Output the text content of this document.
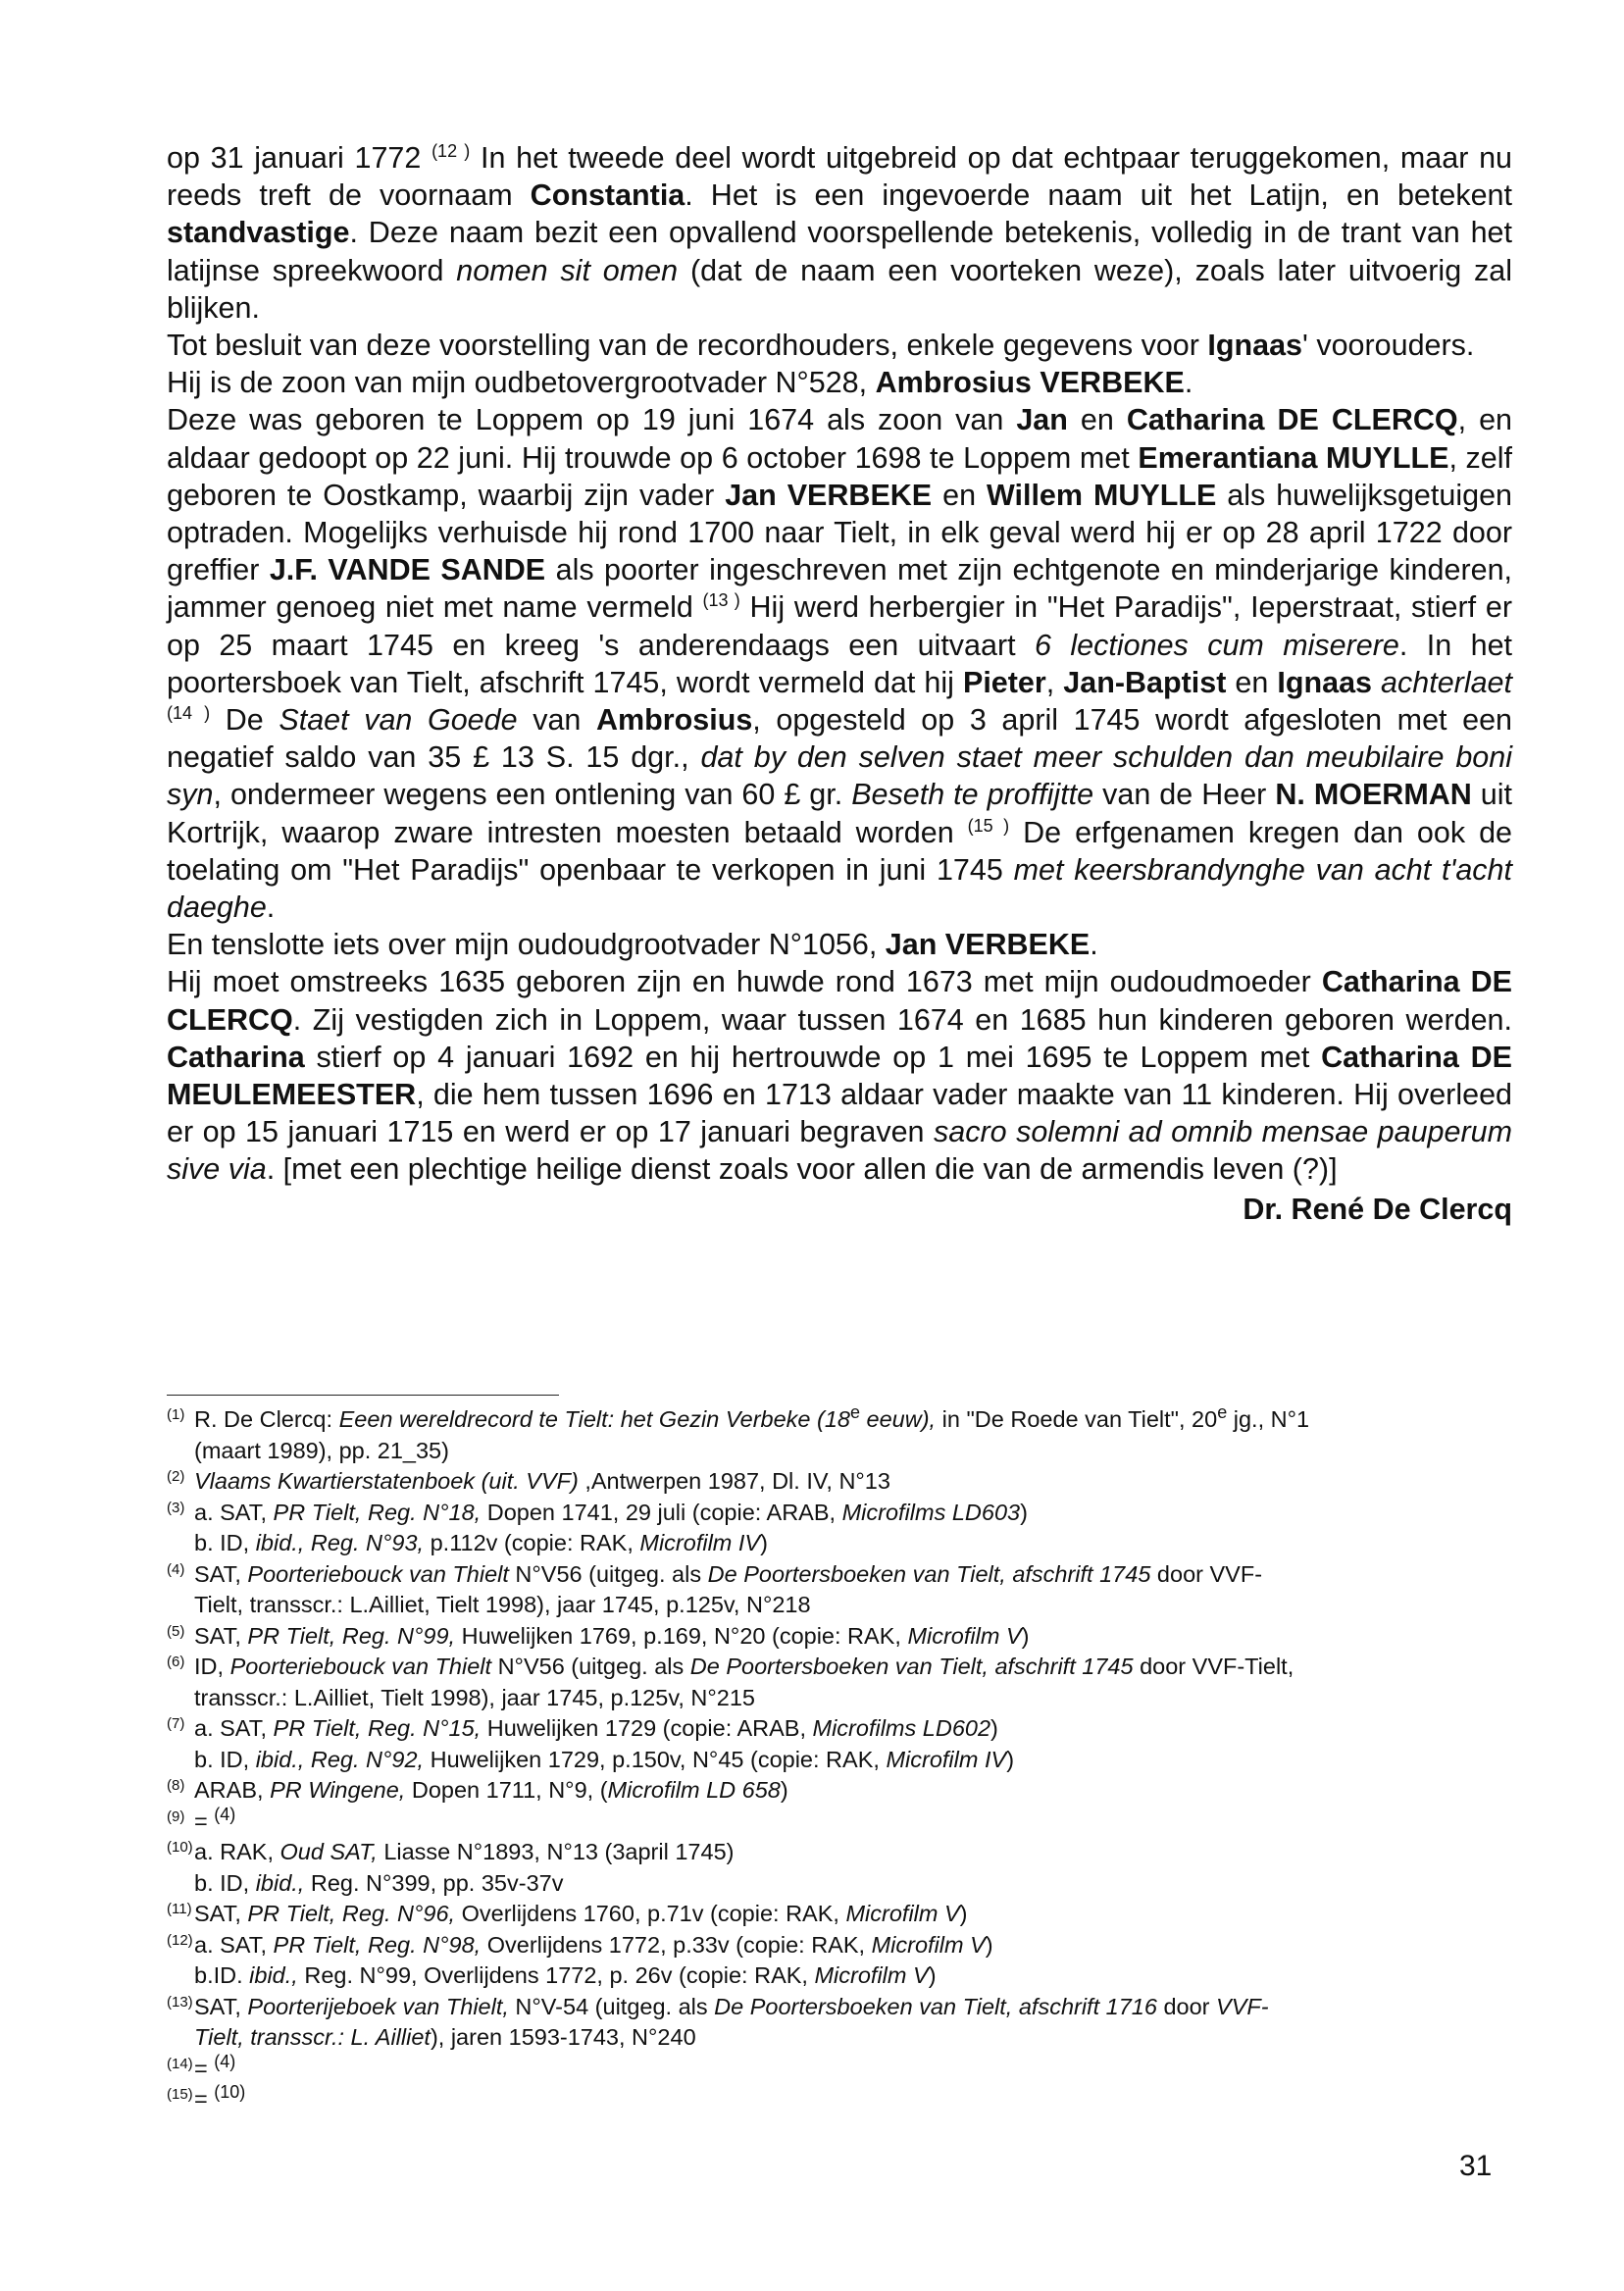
op 31 januari 1772 $^{(12 )}$ In het tweede deel wordt uitgebreid op dat echtpaar teruggekomen, maar nu reeds treft de voornaam Constantia. Het is een ingevoerde naam uit het Latijn, en betekent standvastige. Deze naam bezit een opvallend voorspellende betekenis, volledig in de trant van het latijnse spreekwoord nomen sit omen (dat de naam een voorteken weze), zoals later uitvoerig zal blijken.

Tot besluit van deze voorstelling van de recordhouders, enkele gegevens voor Ignaas' voorouders.

Hij is de zoon van mijn oudbetovergrootvader N°528, Ambrosius VERBEKE.

Deze was geboren te Loppem op 19 juni 1674 als zoon van Jan en Catharina DE CLERCQ, en aldaar gedoopt op 22 juni. Hij trouwde op 6 october 1698 te Loppem met Emerantiana MUYLLE, zelf geboren te Oostkamp, waarbij zijn vader Jan VERBEKE en Willem MUYLLE als huwelijksgetuigen optraden. Mogelijks verhuisde hij rond 1700 naar Tielt, in elk geval werd hij er op 28 april 1722 door greffier J.F. VANDE SANDE als poorter ingeschreven met zijn echtgenote en minderjarige kinderen, jammer genoeg niet met name vermeld $^{(13 )}$ Hij werd herbergier in "Het Paradijs", Ieperstraat, stierf er op 25 maart 1745 en kreeg 's anderendaags een uitvaart 6 lectiones cum miserere. In het poortersboek van Tielt, afschrift 1745, wordt vermeld dat hij Pieter, Jan-Baptist en Ignaas achterlaet $^{(14 )}$ De Staet van Goede van Ambrosius, opgesteld op 3 april 1745 wordt afgesloten met een negatief saldo van 35 £ 13 S. 15 dgr., dat by den selven staet meer schulden dan meubilaire boni syn, ondermeer wegens een ontlening van 60 £ gr. Beseth te proffijtte van de Heer N. MOERMAN uit Kortrijk, waarop zware intresten moesten betaald worden $^{(15 )}$ De erfgenamen kregen dan ook de toelating om "Het Paradijs" openbaar te verkopen in juni 1745 met keersbrandynghe van acht t'acht daeghe.

En tenslotte iets over mijn oudoudgrootvader N°1056, Jan VERBEKE.

Hij moet omstreeks 1635 geboren zijn en huwde rond 1673 met mijn oudoudmoeder Catharina DE CLERCQ. Zij vestigden zich in Loppem, waar tussen 1674 en 1685 hun kinderen geboren werden. Catharina stierf op 4 januari 1692 en hij hertrouwde op 1 mei 1695 te Loppem met Catharina DE MEULEMEESTER, die hem tussen 1696 en 1713 aldaar vader maakte van 11 kinderen. Hij overleed er op 15 januari 1715 en werd er op 17 januari begraven sacro solemni ad omnib mensae pauperum sive via. [met een plechtige heilige dienst zoals voor allen die van de armendis leven (?)]

Dr. René De Clercq
(1) R. De Clercq: Eeen wereldrecord te Tielt: het Gezin Verbeke (18e eeuw), in "De Roede van Tielt", 20e jg., N°1
(maart 1989), pp. 21_35)
(2) Vlaams Kwartierstatenboek (uit. VVF) ,Antwerpen 1987, Dl. IV, N°13
(3) a. SAT, PR Tielt, Reg. N°18, Dopen 1741, 29 juli (copie: ARAB, Microfilms LD603)
b. ID, ibid., Reg. N°93, p.112v (copie: RAK, Microfilm IV)
(4) SAT, Poorteriebouck van Thielt N°V56 (uitgeg. als De Poortersboeken van Tielt, afschrift 1745 door VVF-
Tielt, transscr.: L.Ailliet, Tielt 1998), jaar 1745, p.125v, N°218
(5) SAT, PR Tielt, Reg. N°99, Huwelijken 1769, p.169, N°20 (copie: RAK, Microfilm V)
(6) ID, Poorteriebouck van Thielt N°V56 (uitgeg. als De Poortersboeken van Tielt, afschrift 1745 door VVF-Tielt,
transscr.: L.Ailliet, Tielt 1998), jaar 1745, p.125v, N°215
(7) a. SAT, PR Tielt, Reg. N°15, Huwelijken 1729 (copie: ARAB, Microfilms LD602)
b. ID, ibid., Reg. N°92, Huwelijken 1729, p.150v, N°45 (copie: RAK, Microfilm IV)
(8) ARAB, PR Wingene, Dopen 1711, N°9, (Microfilm LD 658)
(9) = $^{(4)}$
(10) a. RAK, Oud SAT, Liasse N°1893, N°13 (3april 1745)
b. ID, ibid., Reg. N°399, pp. 35v-37v
(11) SAT, PR Tielt, Reg. N°96, Overlijdens 1760, p.71v (copie: RAK, Microfilm V)
(12) a. SAT, PR Tielt, Reg. N°98, Overlijdens 1772, p.33v (copie: RAK, Microfilm V)
b.ID. ibid., Reg. N°99, Overlijdens 1772, p. 26v (copie: RAK, Microfilm V)
(13) SAT, Poorterijeboek van Thielt, N°V-54 (uitgeg. als De Poortersboeken van Tielt, afschrift 1716 door VVF-
Tielt, transscr.: L. Ailliet), jaren 1593-1743, N°240
(14) = $^{(4)}$
(15) = $^{(10)}$
31
